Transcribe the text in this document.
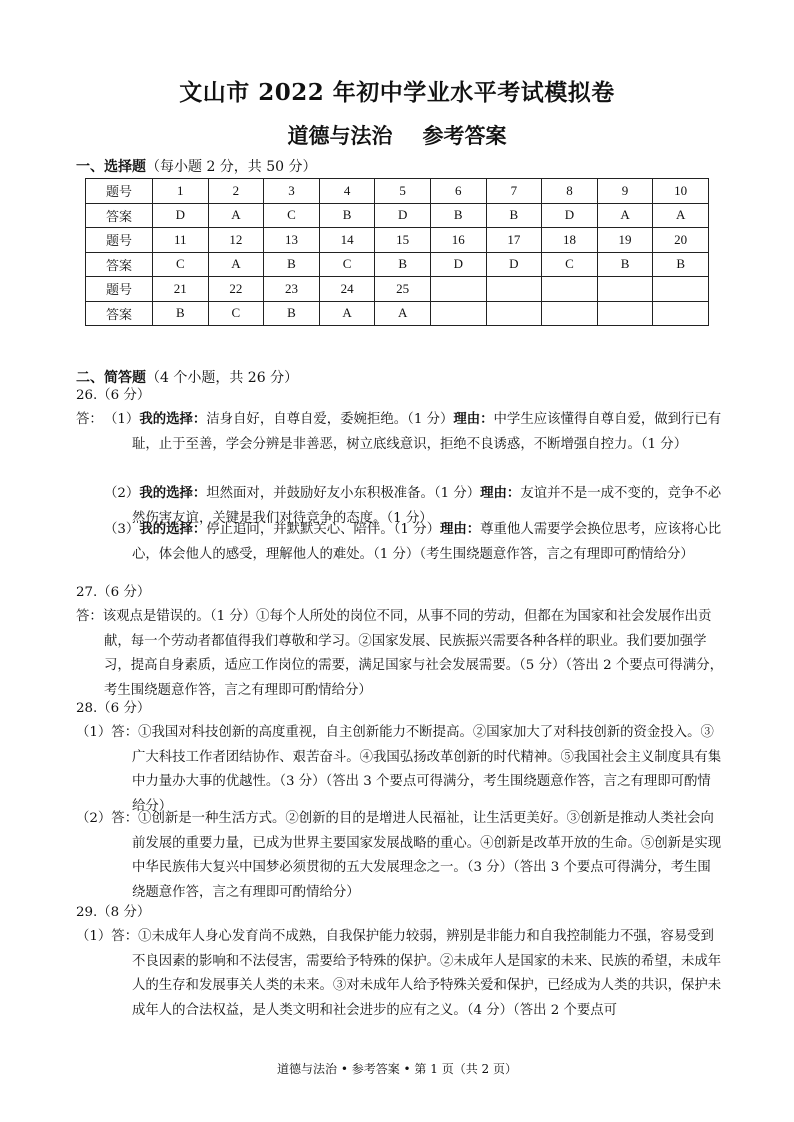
文山市 2022 年初中学业水平考试模拟卷
道德与法治 参考答案
一、选择题（每小题 2 分，共 50 分）
题号	1	2	3	4	5	6	7	8	9	10
答案	D	A	C	B	D	B	B	D	A	A
题号	11	12	13	14	15	16	17	18	19	20
答案	C	A	B	C	B	D	D	C	B	B
题号	21	22	23	24	25					
答案	B	C	B	A	A					
二、简答题（4 个小题，共 26 分）
26.（6 分）
答： （1）我的选择：洁身自好，自尊自爱，委婉拒绝。（1 分）理由：中学生应该懂得自尊自爱，做到行已有耻，止于至善，学会分辨是非善恶，树立底线意识，拒绝不良诱惑，不断增强自控力。（1 分）
（2）我的选择：坦然面对，并鼓励好友小东积极准备。（1 分）理由：友谊并不是一成不变的，竞争不必然伤害友谊，关键是我们对待竞争的态度。（1 分）
（3）我的选择：停止追问，并默默关心、陪伴。（1 分）理由：尊重他人需要学会换位思考，应该将心比心，体会他人的感受，理解他人的难处。（1 分）（考生围绕题意作答，言之有理即可酌情给分）
27.（6 分）
答：该观点是错误的。（1 分）①每个人所处的岗位不同，从事不同的劳动，但都在为国家和社会发展作出贡献，每一个劳动者都值得我们尊敬和学习。②国家发展、民族振兴需要各种各样的职业。我们要加强学习，提高自身素质，适应工作岗位的需要，满足国家与社会发展需要。（5 分）（答出 2 个要点可得满分，考生围绕题意作答，言之有理即可酌情给分）
28.（6 分）
（1）答：①我国对科技创新的高度重视，自主创新能力不断提高。②国家加大了对科技创新的资金投入。③广大科技工作者团结协作、艰苦奋斗。④我国弘扬改革创新的时代精神。⑤我国社会主义制度具有集中力量办大事的优越性。（3 分）（答出 3 个要点可得满分，考生围绕题意作答，言之有理即可酌情给分）
（2）答：①创新是一种生活方式。②创新的目的是增进人民福祉，让生活更美好。③创新是推动人类社会向前发展的重要力量，已成为世界主要国家发展战略的重心。④创新是改革开放的生命。⑤创新是实现中华民族伟大复兴中国梦必须贯彻的五大发展理念之一。（3 分）（答出 3 个要点可得满分，考生围绕题意作答，言之有理即可酌情给分）
29.（8 分）
（1）答：①未成年人身心发育尚不成熟，自我保护能力较弱，辨别是非能力和自我控制能力不强，容易受到不良因素的影响和不法侵害，需要给予特殊的保护。②未成年人是国家的未来、民族的希望，未成年人的生存和发展事关人类的未来。③对未成年人给予特殊关爱和保护，已经成为人类的共识，保护未成年人的合法权益，是人类文明和社会进步的应有之义。（4 分）（答出 2 个要点可
道德与法治 • 参考答案 • 第 1 页（共 2 页）
